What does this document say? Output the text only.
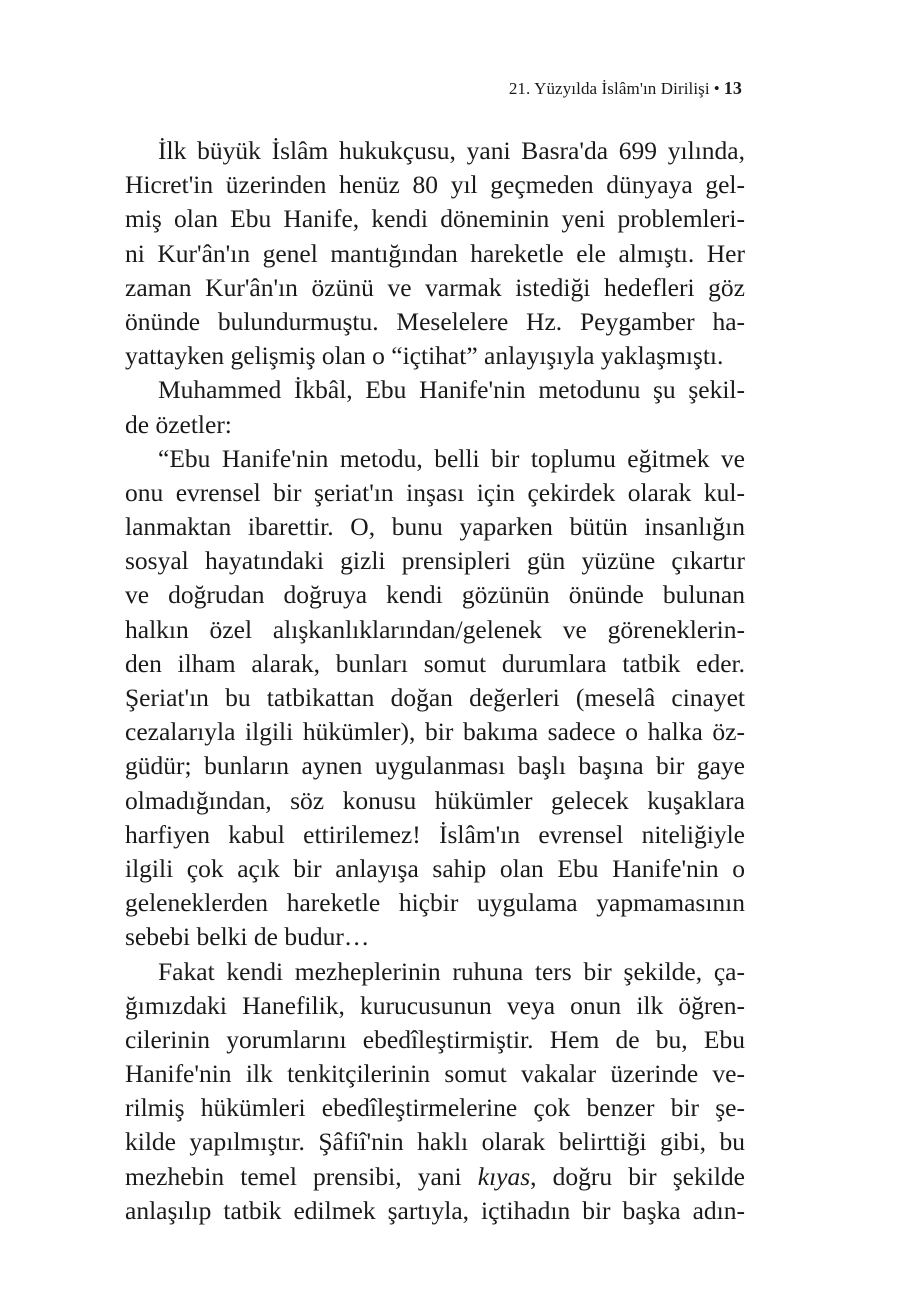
21. Yüzyılda İslâm'ın Dirilişi • 13
İlk büyük İslâm hukukçusu, yani Basra'da 699 yılında,
Hicret'in üzerinden henüz 80 yıl geçmeden dünyaya gel-
miş olan Ebu Hanife, kendi döneminin yeni problemleri-
ni Kur'ân'ın genel mantığından hareketle ele almıştı. Her
zaman Kur'ân'ın özünü ve varmak istediği hedefleri göz
önünde bulundurmuştu. Meselelere Hz. Peygamber ha-
yattayken gelişmiş olan o “içtihat” anlayışıyla yaklaşmıştı.
Muhammed İkbâl, Ebu Hanife'nin metodunu şu şekil-
de özetler:
“Ebu Hanife'nin metodu, belli bir toplumu eğitmek ve
onu evrensel bir şeriat'ın inşası için çekirdek olarak kul-
lanmaktan ibarettir. O, bunu yaparken bütün insanlığın
sosyal hayatındaki gizli prensipleri gün yüzüne çıkartır
ve doğrudan doğruya kendi gözünün önünde bulunan
halkın özel alışkanlıklarından/gelenek ve göreneklerin-
den ilham alarak, bunları somut durumlara tatbik eder.
Şeriat'ın bu tatbikattan doğan değerleri (meselâ cinayet
cezalarıyla ilgili hükümler), bir bakıma sadece o halka öz-
güdür; bunların aynen uygulanması başlı başına bir gaye
olmadığından, söz konusu hükümler gelecek kuşaklara
harfiyen kabul ettirilemez! İslâm'ın evrensel niteliğiyle
ilgili çok açık bir anlayışa sahip olan Ebu Hanife'nin o
geleneklerden hareketle hiçbir uygulama yapmamasının
sebebi belki de budur…
Fakat kendi mezheplerinin ruhuna ters bir şekilde, ça-
ğımızdaki Hanefilik, kurucusunun veya onun ilk öğren-
cilerinin yorumlarını ebedîleştirmiştir. Hem de bu, Ebu
Hanife'nin ilk tenkitçilerinin somut vakalar üzerinde ve-
rilmiş hükümleri ebedîleştirmelerine çok benzer bir şe-
kilde yapılmıştır. Şâfiî'nin haklı olarak belirttiği gibi, bu
mezhebin temel prensibi, yani kıyas, doğru bir şekilde
anlaşılıp tatbik edilmek şartıyla, içtihadın bir başka adın-
